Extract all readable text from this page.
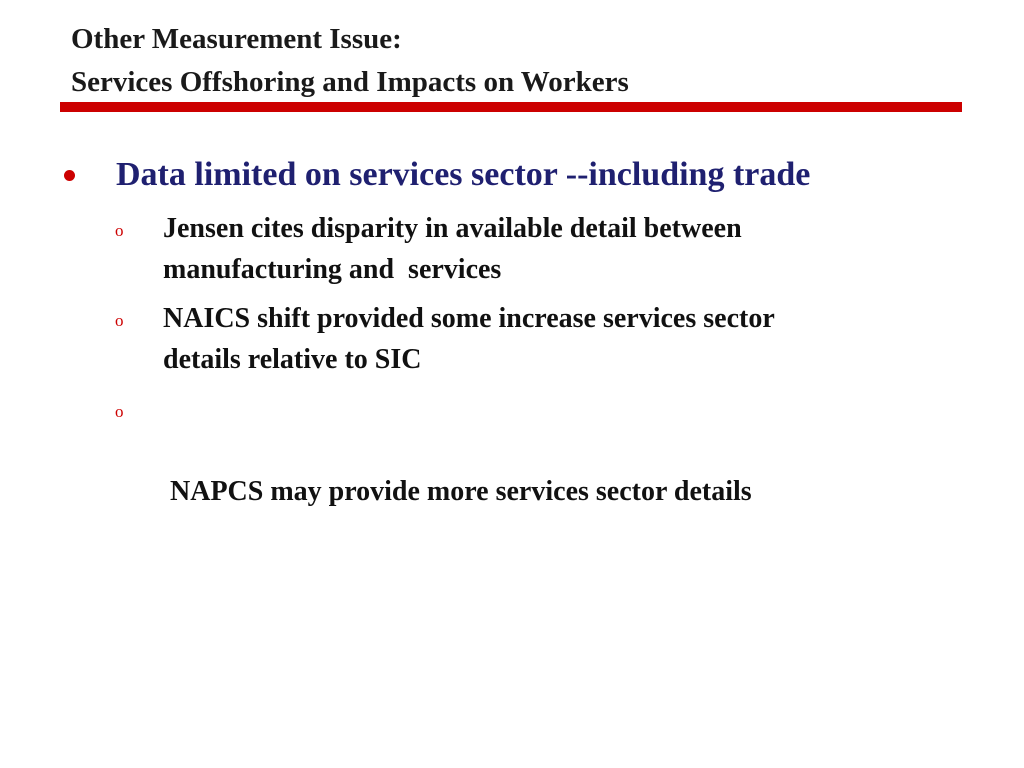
Other Measurement Issue:
Services Offshoring and Impacts on Workers
Data limited on services sector --including trade
o Jensen cites disparity in available detail between
manufacturing and  services
o NAICS shift provided some increase services sector
details relative to SIC
o

NAPCS may provide more services sector details
